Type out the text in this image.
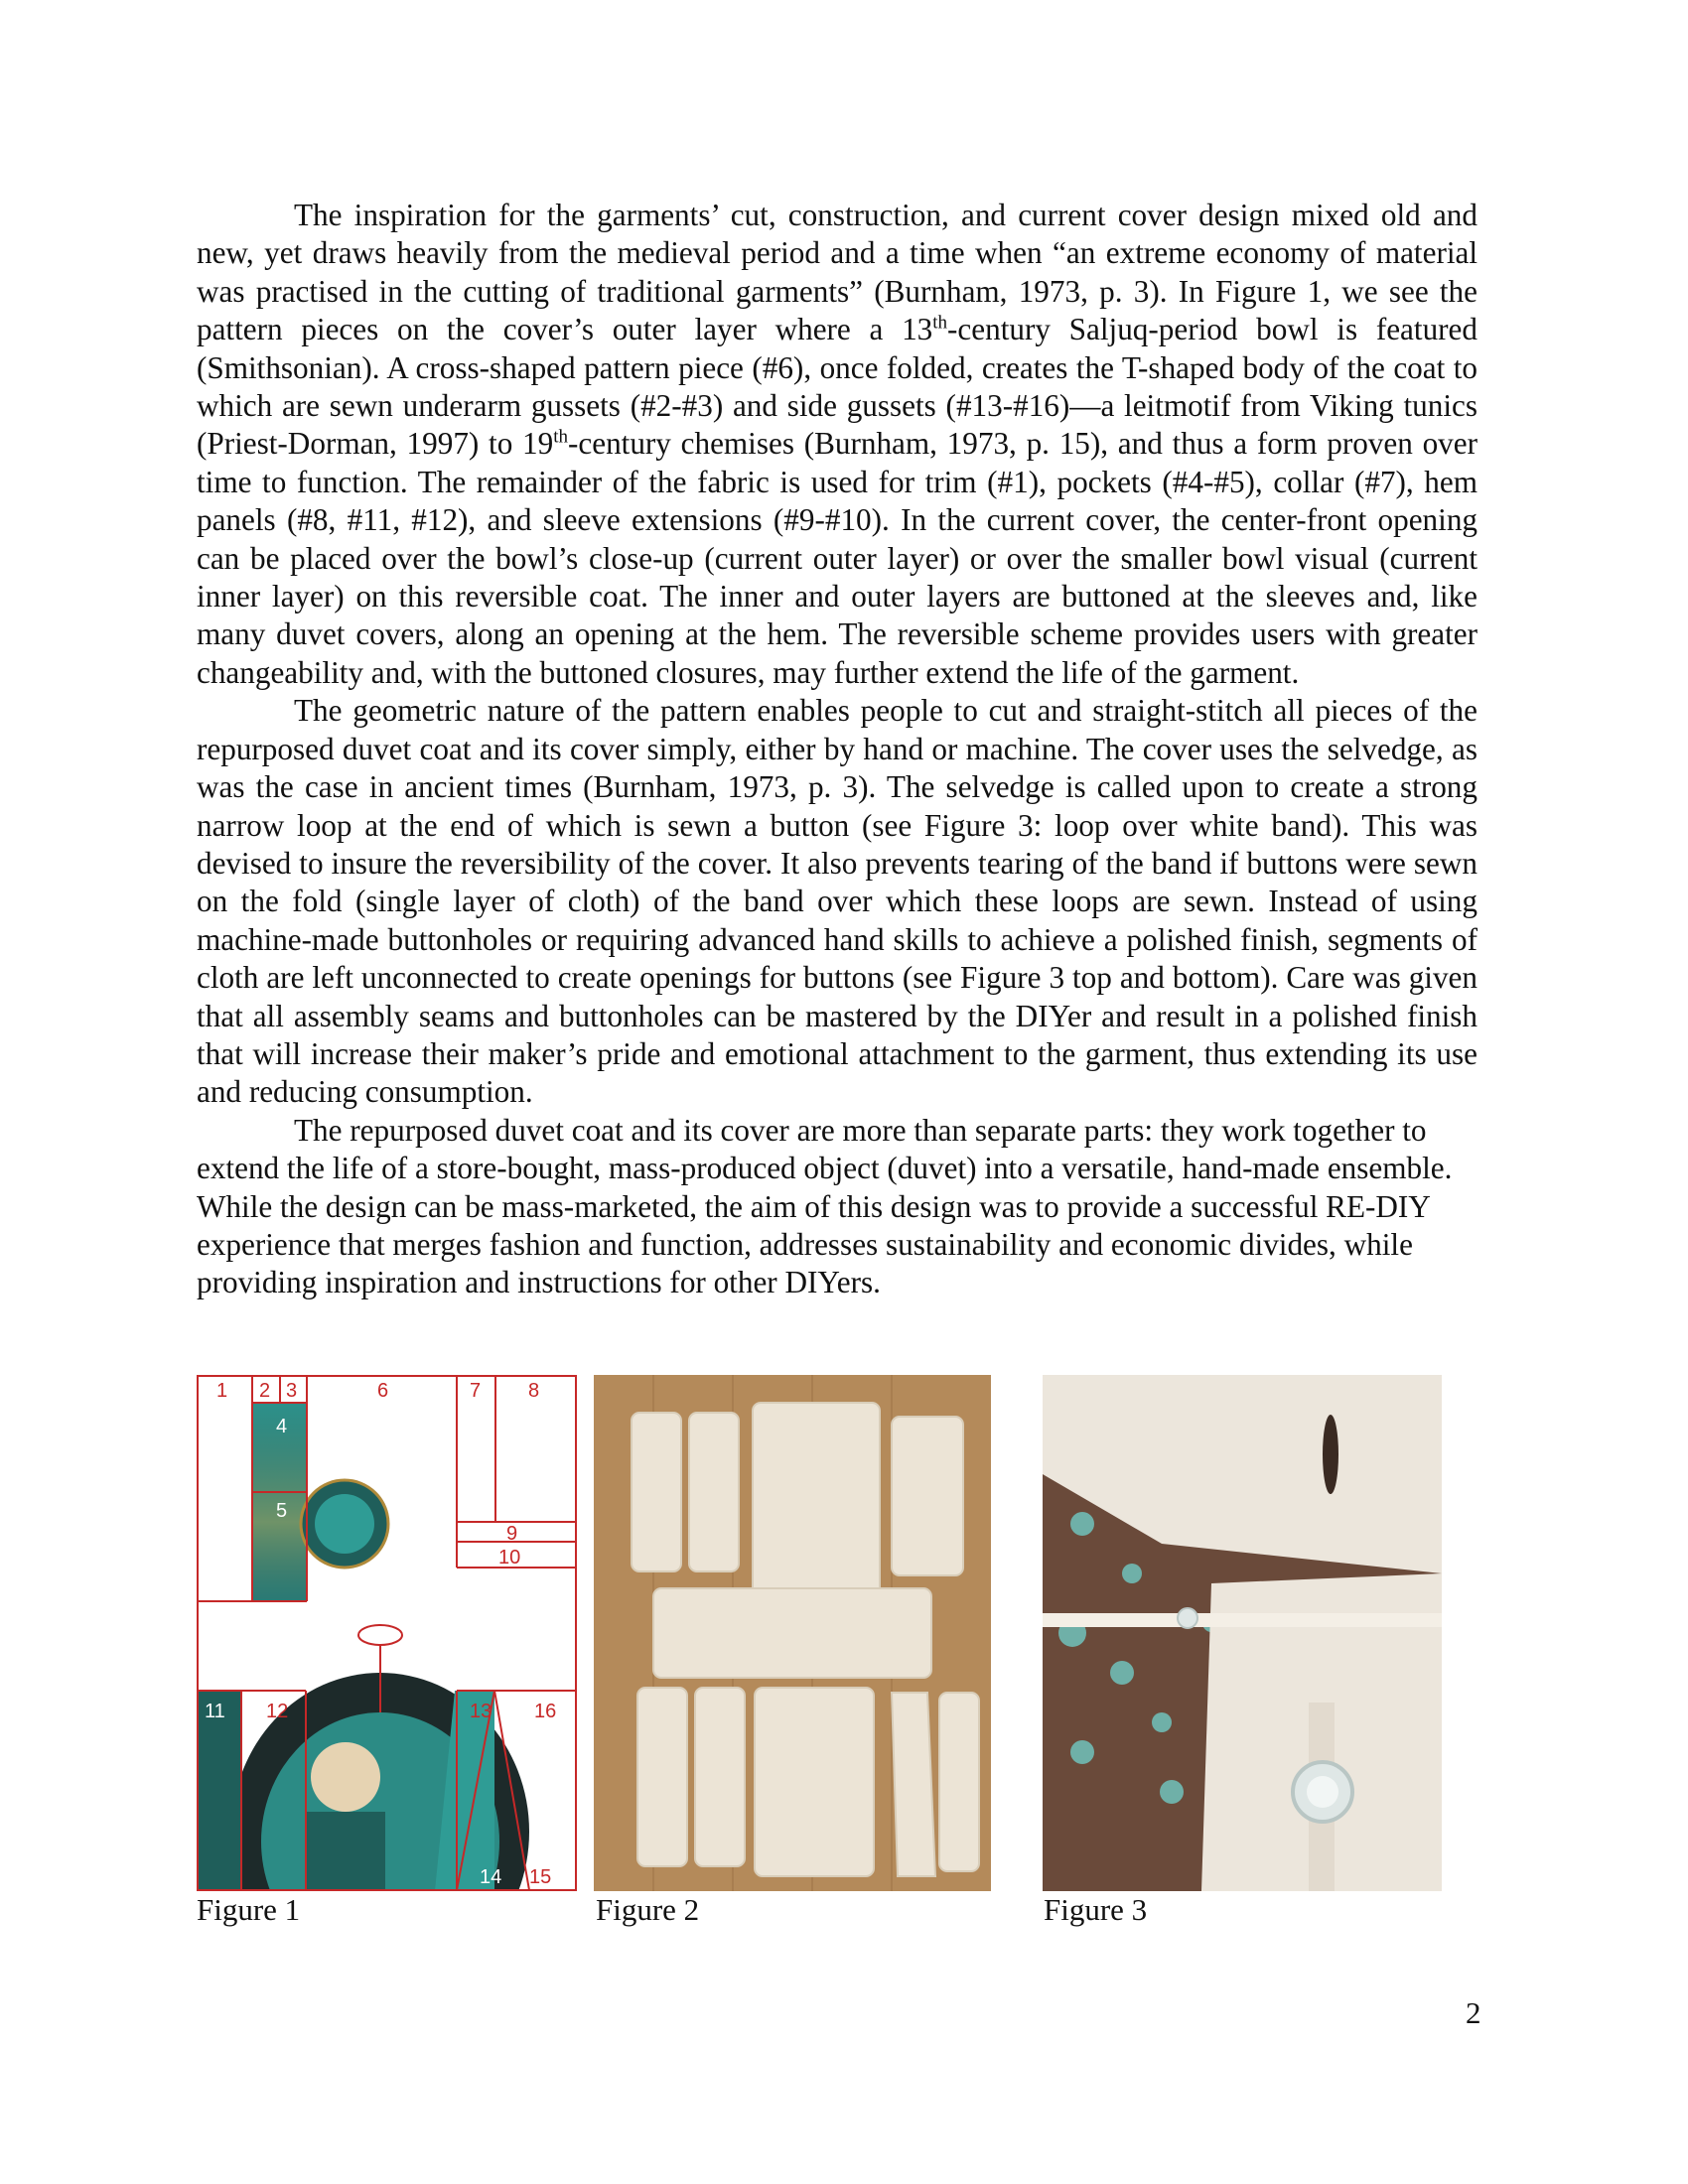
The inspiration for the garments’ cut, construction, and current cover design mixed old and new, yet draws heavily from the medieval period and a time when “an extreme economy of material was practised in the cutting of traditional garments” (Burnham, 1973, p. 3). In Figure 1, we see the pattern pieces on the cover’s outer layer where a 13th-century Saljuq-period bowl is featured (Smithsonian). A cross-shaped pattern piece (#6), once folded, creates the T-shaped body of the coat to which are sewn underarm gussets (#2-#3) and side gussets (#13-#16)—a leitmotif from Viking tunics (Priest-Dorman, 1997) to 19th-century chemises (Burnham, 1973, p. 15), and thus a form proven over time to function. The remainder of the fabric is used for trim (#1), pockets (#4-#5), collar (#7), hem panels (#8, #11, #12), and sleeve extensions (#9-#10). In the current cover, the center-front opening can be placed over the bowl’s close-up (current outer layer) or over the smaller bowl visual (current inner layer) on this reversible coat. The inner and outer layers are buttoned at the sleeves and, like many duvet covers, along an opening at the hem. The reversible scheme provides users with greater changeability and, with the buttoned closures, may further extend the life of the garment.

The geometric nature of the pattern enables people to cut and straight-stitch all pieces of the repurposed duvet coat and its cover simply, either by hand or machine. The cover uses the selvedge, as was the case in ancient times (Burnham, 1973, p. 3). The selvedge is called upon to create a strong narrow loop at the end of which is sewn a button (see Figure 3: loop over white band). This was devised to insure the reversibility of the cover. It also prevents tearing of the band if buttons were sewn on the fold (single layer of cloth) of the band over which these loops are sewn. Instead of using machine-made buttonholes or requiring advanced hand skills to achieve a polished finish, segments of cloth are left unconnected to create openings for buttons (see Figure 3 top and bottom). Care was given that all assembly seams and buttonholes can be mastered by the DIYer and result in a polished finish that will increase their maker’s pride and emotional attachment to the garment, thus extending its use and reducing consumption.

The repurposed duvet coat and its cover are more than separate parts: they work together to extend the life of a store-bought, mass-produced object (duvet) into a versatile, hand-made ensemble. While the design can be mass-marketed, the aim of this design was to provide a successful RE-DIY experience that merges fashion and function, addresses sustainability and economic divides, while providing inspiration and instructions for other DIYers.

1 2 3
4
5
6	7 8
9
10
11 12	13
14 15
16
Figure 1	Figure 2	Figure 3
2
